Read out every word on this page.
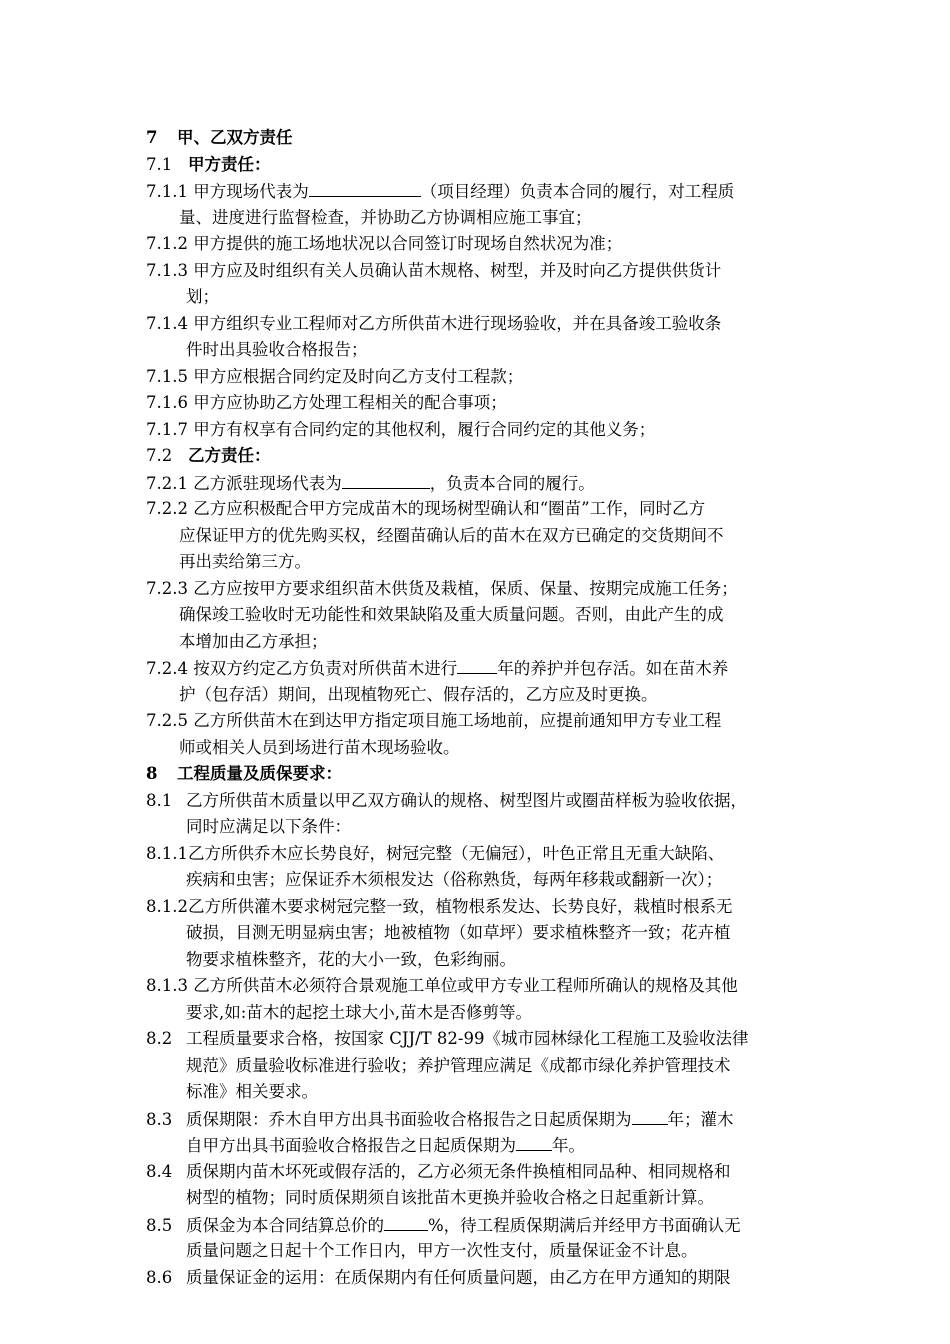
7 甲、乙双方责任
7.1 甲方责任：
7.1.1 甲方现场代表为	（项目经理）负责本合同的履行，对工程质
量、进度进行监督检查，并协助乙方协调相应施工事宜；
7.1.2 甲方提供的施工场地状况以合同签订时现场自然状况为准；
7.1.3 甲方应及时组织有关人员确认苗木规格、树型，并及时向乙方提供供货计
划；
7.1.4 甲方组织专业工程师对乙方所供苗木进行现场验收，并在具备竣工验收条
件时出具验收合格报告；
7.1.5 甲方应根据合同约定及时向乙方支付工程款；
7.1.6 甲方应协助乙方处理工程相关的配合事项；
7.1.7 甲方有权享有合同约定的其他权利，履行合同约定的其他义务；
7.2 乙方责任：
7.2.1 乙方派驻现场代表为	，负责本合同的履行。
7.2.2 乙方应积极配合甲方完成苗木的现场树型确认和“圈苗”工作，同时乙方
应保证甲方的优先购买权，经圈苗确认后的苗木在双方已确定的交货期间不
再出卖给第三方。
7.2.3 乙方应按甲方要求组织苗木供货及栽植，保质、保量、按期完成施工任务；
确保竣工验收时无功能性和效果缺陷及重大质量问题。否则，由此产生的成
本增加由乙方承担；
7.2.4 按双方约定乙方负责对所供苗木进行 年的养护并包存活。如在苗木养
护（包存活）期间，出现植物死亡、假存活的，乙方应及时更换。
7.2.5 乙方所供苗木在到达甲方指定项目施工场地前，应提前通知甲方专业工程
师或相关人员到场进行苗木现场验收。
8 工程质量及质保要求：
8.1 乙方所供苗木质量以甲乙双方确认的规格、树型图片或圈苗样板为验收依据，
同时应满足以下条件：
8.1.1乙方所供乔木应长势良好，树冠完整（无偏冠），叶色正常且无重大缺陷、
疾病和虫害；应保证乔木须根发达（俗称熟货，每两年移栽或翻新一次）；
8.1.2乙方所供灌木要求树冠完整一致，植物根系发达、长势良好，栽植时根系无
破损，目测无明显病虫害；地被植物（如草坪）要求植株整齐一致；花卉植
物要求植株整齐，花的大小一致，色彩绚丽。
8.1.3 乙方所供苗木必须符合景观施工单位或甲方专业工程师所确认的规格及其他
要求,如:苗木的起挖土球大小,苗木是否修剪等。
8.2 工程质量要求合格，按国家 CJJ/T 82-99《城市园林绿化工程施工及验收法律
规范》质量验收标准进行验收；养护管理应满足《成都市绿化养护管理技术
标准》相关要求。
8.3 质保期限：乔木自甲方出具书面验收合格报告之日起质保期为 年；灌木
自甲方出具书面验收合格报告之日起质保期为 年。
8.4 质保期内苗木坏死或假存活的，乙方必须无条件换植相同品种、相同规格和
树型的植物；同时质保期须自该批苗木更换并验收合格之日起重新计算。
8.5 质保金为本合同结算总价的	%，待工程质保期满后并经甲方书面确认无
质量问题之日起十个工作日内，甲方一次性支付，质量保证金不计息。
8.6 质量保证金的运用：在质保期内有任何质量问题，由乙方在甲方通知的期限
